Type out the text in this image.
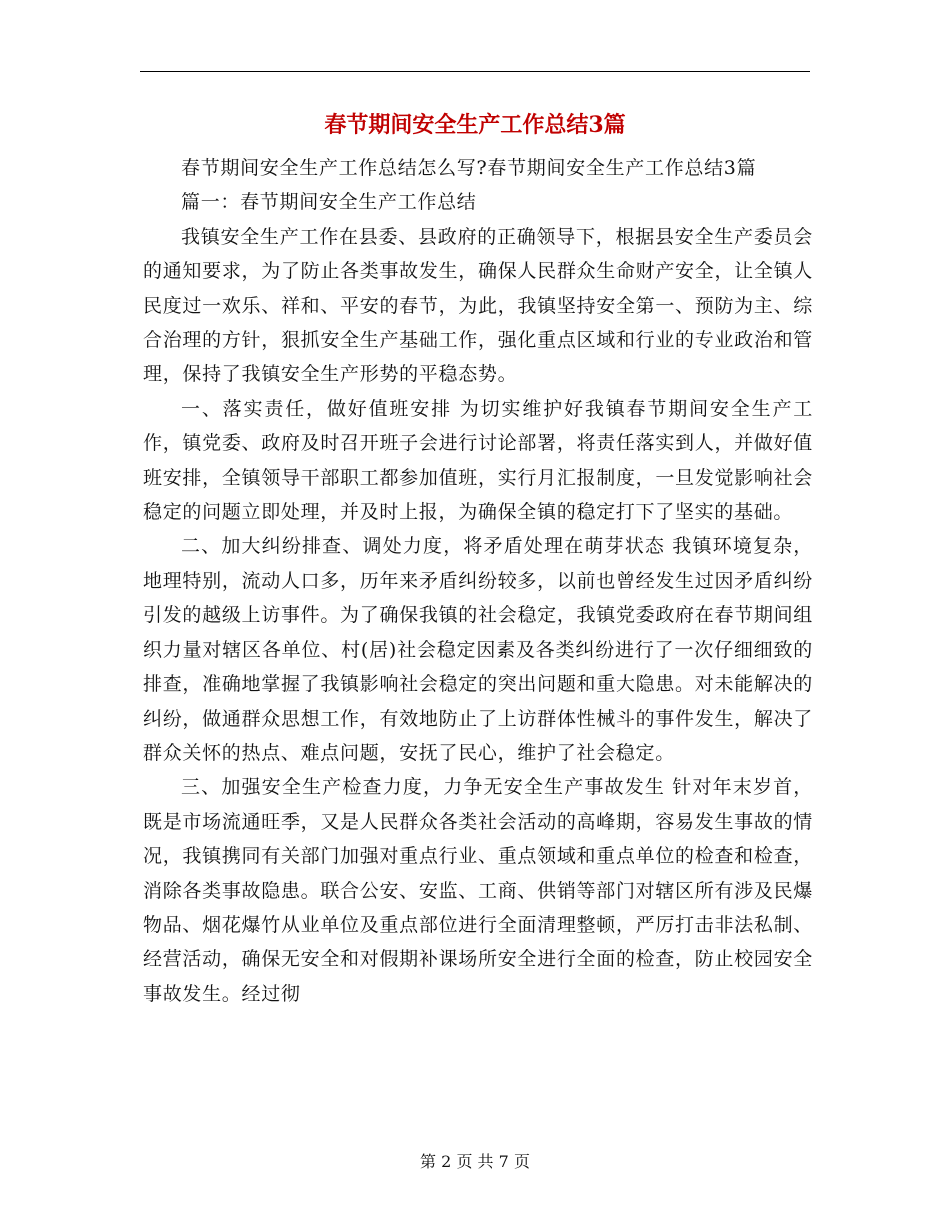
春节期间安全生产工作总结3篇

春节期间安全生产工作总结怎么写?春节期间安全生产工作总结3篇

篇一：春节期间安全生产工作总结

我镇安全生产工作在县委、县政府的正确领导下，根据县安全生产委员会的通知要求，为了防止各类事故发生，确保人民群众生命财产安全，让全镇人民度过一欢乐、祥和、平安的春节，为此，我镇坚持安全第一、预防为主、综合治理的方针，狠抓安全生产基础工作，强化重点区域和行业的专业政治和管理，保持了我镇安全生产形势的平稳态势。

一、落实责任，做好值班安排 为切实维护好我镇春节期间安全生产工作，镇党委、政府及时召开班子会进行讨论部署，将责任落实到人，并做好值班安排，全镇领导干部职工都参加值班，实行月汇报制度，一旦发觉影响社会稳定的问题立即处理，并及时上报，为确保全镇的稳定打下了坚实的基础。

二、加大纠纷排查、调处力度，将矛盾处理在萌芽状态 我镇环境复杂，地理特别，流动人口多，历年来矛盾纠纷较多，以前也曾经发生过因矛盾纠纷引发的越级上访事件。为了确保我镇的社会稳定，我镇党委政府在春节期间组织力量对辖区各单位、村(居)社会稳定因素及各类纠纷进行了一次仔细细致的排查，准确地掌握了我镇影响社会稳定的突出问题和重大隐患。对未能解决的纠纷，做通群众思想工作，有效地防止了上访群体性械斗的事件发生，解决了群众关怀的热点、难点问题，安抚了民心，维护了社会稳定。

三、加强安全生产检查力度，力争无安全生产事故发生 针对年末岁首，既是市场流通旺季，又是人民群众各类社会活动的高峰期，容易发生事故的情况，我镇携同有关部门加强对重点行业、重点领域和重点单位的检查和检查，消除各类事故隐患。联合公安、安监、工商、供销等部门对辖区所有涉及民爆物品、烟花爆竹从业单位及重点部位进行全面清理整顿，严厉打击非法私制、经营活动，确保无安全和对假期补课场所安全进行全面的检查，防止校园安全事故发生。经过彻

第 2 页 共 7 页
